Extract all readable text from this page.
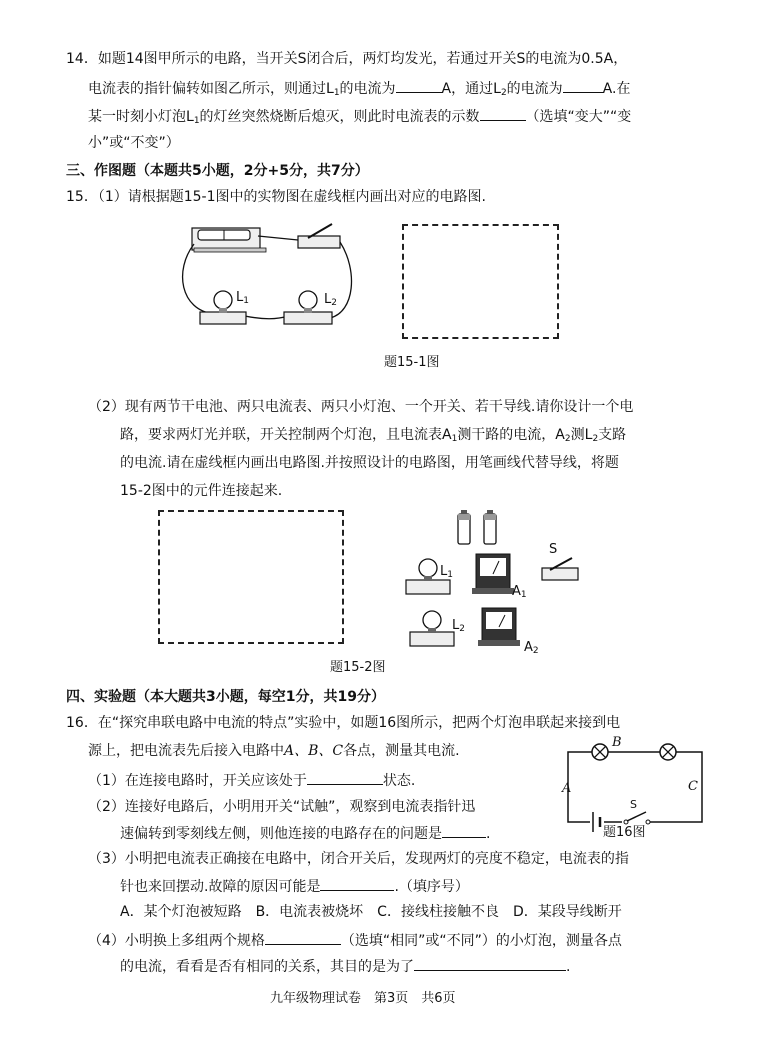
14．如题14图甲所示的电路，当开关S闭合后，两灯均发光，若通过开关S的电流为0.5A，
电流表的指针偏转如图乙所示，则通过$L_1$的电流为	A，通过$L_2$的电流为	A.在
某一时刻小灯泡$L_1$的灯丝突然烧断后熄灭，则此时电流表的示数	（选填“变大”“变
小”或“不变”）
三、作图题（本题共5小题，2分+5分，共7分）
15．（1）请根据题15-1图中的实物图在虚线框内画出对应的电路图.
$L_1$	$L_2$
题15-1图
（2）现有两节干电池、两只电流表、两只小灯泡、一个开关、若干导线.请你设计一个电
路，要求两灯光并联，开关控制两个灯泡，且电流表$A_1$测干路的电流，$A_2$测$L_2$支路
的电流.请在虚线框内画出电路图.并按照设计的电路图，用笔画线代替导线，将题
15-2图中的元件连接起来.
$L_1$
$A_1$
S
$L_2$
$A_2$
题15-2图
四、实验题（本大题共3小题，每空1分，共19分）
16．在“探究串联电路中电流的特点”实验中，如题16图所示，把两个灯泡串联起来接到电
源上，把电流表先后接入电路中A、B、C各点，测量其电流.
（1）在连接电路时，开关应该处于	状态.
（2）连接好电路后，小明用开关“试触”，观察到电流表指针迅
速偏转到零刻线左侧，则他连接的电路存在的问题是	.
（3）小明把电流表正确接在电路中，闭合开关后，发现两灯的亮度不稳定，电流表的指
针也来回摆动.故障的原因可能是	.（填序号）
A．某个灯泡被短路　B．电流表被烧坏　C．接线柱接触不良　D．某段导线断开
（4）小明换上多组两个规格	（选填“相同”或“不同”）的小灯泡，测量各点
的电流，看看是否有相同的关系，其目的是为了	.
B
A	C
S
题16图
九年级物理试卷　第3页　共6页
